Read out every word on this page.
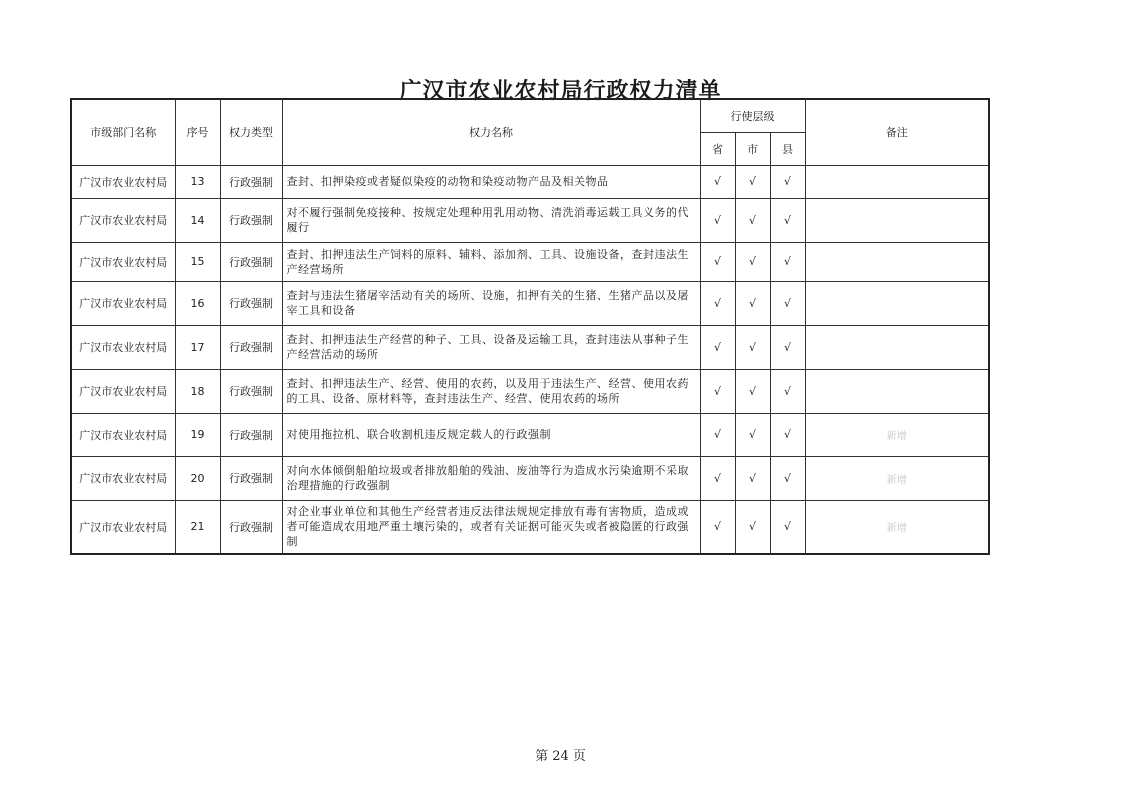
广汉市农业农村局行政权力清单
市级部门名称	序号	权力类型	权力名称	行使层级			备注
				省	市	县	
广汉市农业农村局	13	行政强制	查封、扣押染疫或者疑似染疫的动物和染疫动物产品及相关物品	√	√	√	
广汉市农业农村局	14	行政强制	对不履行强制免疫接种、按规定处理种用乳用动物、清洗消毒运载工具义务的代履行	√	√	√	
广汉市农业农村局	15	行政强制	查封、扣押违法生产饲料的原料、辅料、添加剂、工具、设施设备，查封违法生产经营场所	√	√	√	
广汉市农业农村局	16	行政强制	查封与违法生猪屠宰活动有关的场所、设施，扣押有关的生猪、生猪产品以及屠宰工具和设备	√	√	√	
广汉市农业农村局	17	行政强制	查封、扣押违法生产经营的种子、工具、设备及运输工具，查封违法从事种子生产经营活动的场所	√	√	√	
广汉市农业农村局	18	行政强制	查封、扣押违法生产、经营、使用的农药，以及用于违法生产、经营、使用农药的工具、设备、原材料等，查封违法生产、经营、使用农药的场所	√	√	√	
广汉市农业农村局	19	行政强制	对使用拖拉机、联合收割机违反规定载人的行政强制	√	√	√	新增
广汉市农业农村局	20	行政强制	对向水体倾倒船舶垃圾或者排放船舶的残油、废油等行为造成水污染逾期不采取治理措施的行政强制	√	√	√	新增
广汉市农业农村局	21	行政强制	对企业事业单位和其他生产经营者违反法律法规规定排放有毒有害物质，造成或者可能造成农用地严重土壤污染的，或者有关证据可能灭失或者被隐匿的行政强制	√	√	√	新增
第 24 页
